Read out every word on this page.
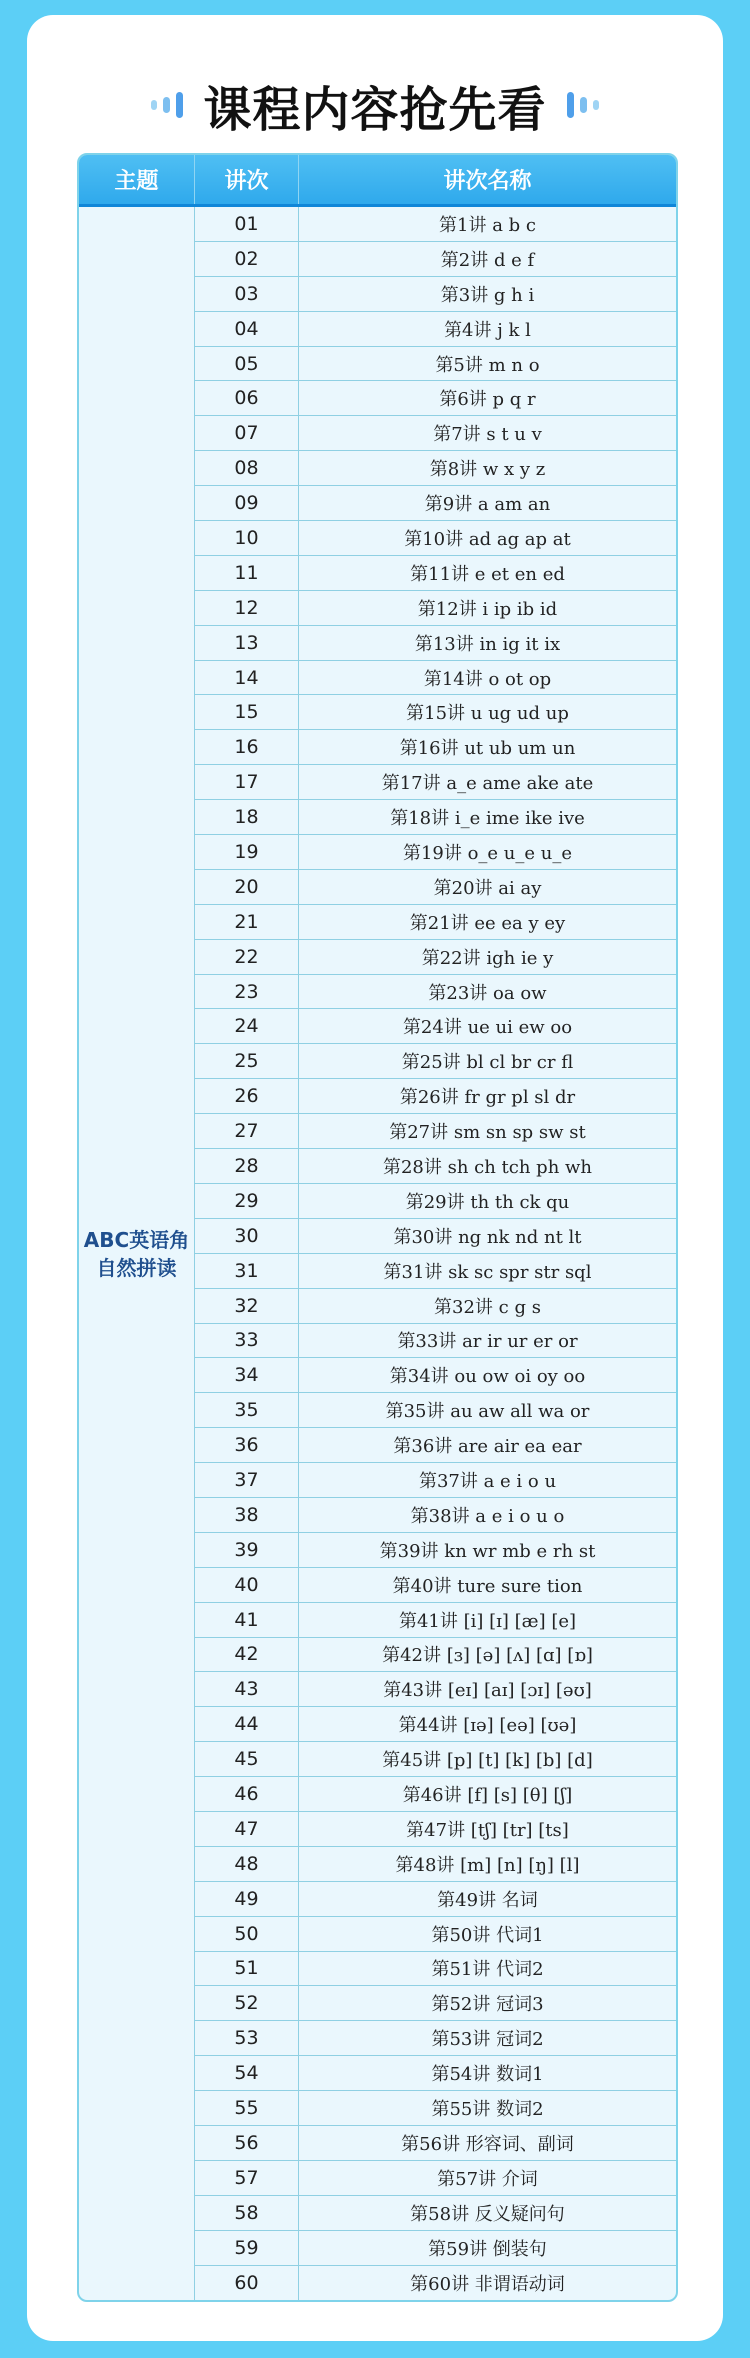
课程内容抢先看
主题	讲次	讲次名称
ABC英语角
自然拼读
01	第1讲 a b c
02	第2讲 d e f
03	第3讲 g h i
04	第4讲 j k l
05	第5讲 m n o
06	第6讲 p q r
07	第7讲 s t u v
08	第8讲 w x y z
09	第9讲 a am an
10	第10讲 ad ag ap at
11	第11讲 e et en ed
12	第12讲 i ip ib id
13	第13讲 in ig it ix
14	第14讲 o ot op
15	第15讲 u ug ud up
16	第16讲 ut ub um un
17	第17讲 a_e ame ake ate
18	第18讲 i_e ime ike ive
19	第19讲 o_e u_e u_e
20	第20讲 ai ay
21	第21讲 ee ea y ey
22	第22讲 igh ie y
23	第23讲 oa ow
24	第24讲 ue ui ew oo
25	第25讲 bl cl br cr fl
26	第26讲 fr gr pl sl dr
27	第27讲 sm sn sp sw st
28	第28讲 sh ch tch ph wh
29	第29讲 th th ck qu
30	第30讲 ng nk nd nt lt
31	第31讲 sk sc spr str sql
32	第32讲 c g s
33	第33讲 ar ir ur er or
34	第34讲 ou ow oi oy oo
35	第35讲 au aw all wa or
36	第36讲 are air ea ear
37	第37讲 a e i o u
38	第38讲 a e i o u o
39	第39讲 kn wr mb e rh st
40	第40讲 ture sure tion
41	第41讲 [i] [ɪ] [æ] [e]
42	第42讲 [ɜ] [ə] [ʌ] [ɑ] [ɒ]
43	第43讲 [eɪ] [aɪ] [ɔɪ] [əʊ]
44	第44讲 [ɪə] [eə] [ʊə]
45	第45讲 [p] [t] [k] [b] [d]
46	第46讲 [f] [s] [θ] [ʃ]
47	第47讲 [tʃ] [tr] [ts]
48	第48讲 [m] [n] [ŋ] [l]
49	第49讲 名词
50	第50讲 代词1
51	第51讲 代词2
52	第52讲 冠词3
53	第53讲 冠词2
54	第54讲 数词1
55	第55讲 数词2
56	第56讲 形容词、副词
57	第57讲 介词
58	第58讲 反义疑问句
59	第59讲 倒装句
60	第60讲 非谓语动词
